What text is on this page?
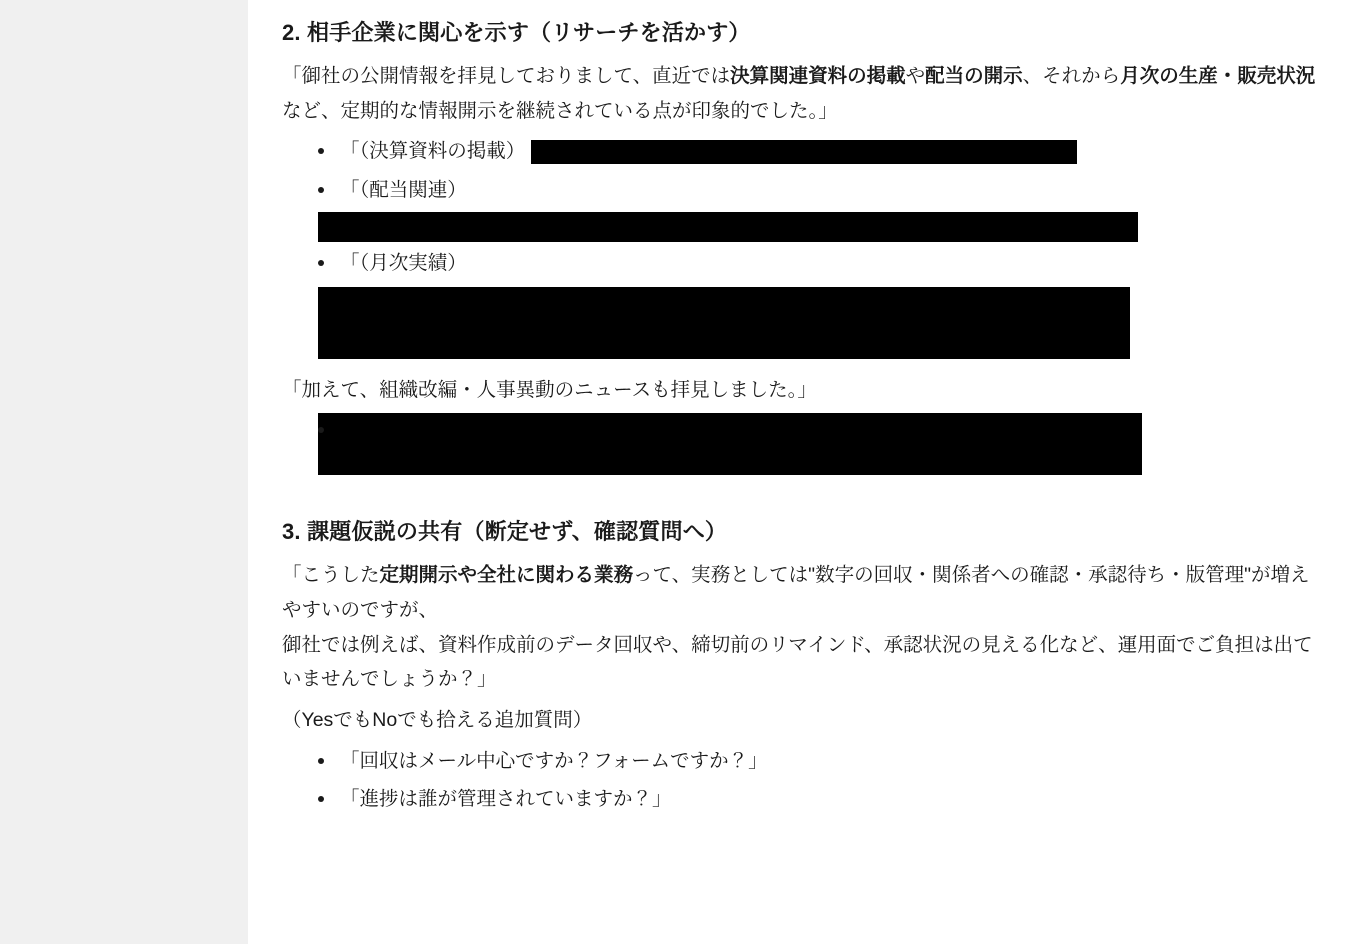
2. 相手企業に関心を示す（リサーチを活かす）

「御社の公開情報を拝見しておりまして、直近では決算関連資料の掲載や配当の開示、それから月次の生産・販売状況など、定期的な情報開示を継続されている点が印象的でした。」

「（決算資料の掲載）
「（配当関連）
「（月次実績）

「加えて、組織改編・人事異動のニュースも拝見しました。」

3. 課題仮説の共有（断定せず、確認質問へ）

「こうした定期開示や全社に関わる業務って、実務としては"数字の回収・関係者への確認・承認待ち・版管理"が増えやすいのですが、
御社では例えば、資料作成前のデータ回収や、締切前のリマインド、承認状況の見える化など、運用面でご負担は出ていませんでしょうか？」

（YesでもNoでも拾える追加質問）

「回収はメール中心ですか？フォームですか？」
「進捗は誰が管理されていますか？」
